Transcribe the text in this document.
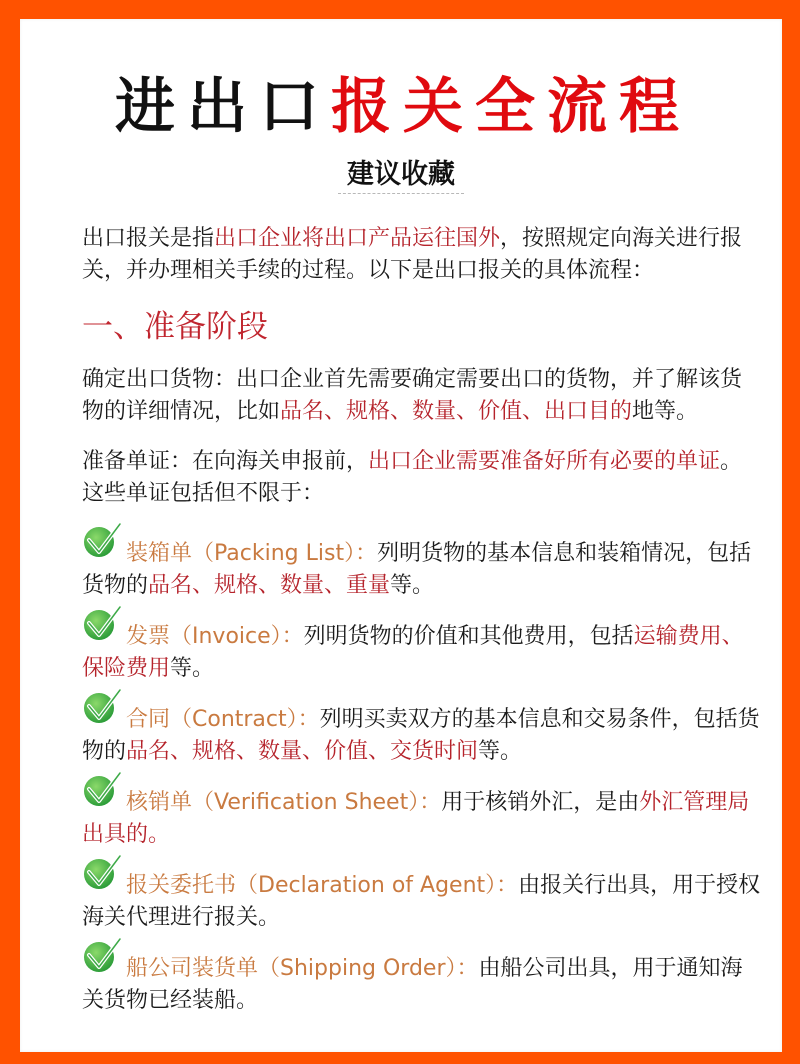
进出口报关全流程
建议收藏
出口报关是指出口企业将出口产品运往国外，按照规定向海关进行报关，并办理相关手续的过程。以下是出口报关的具体流程：
一、准备阶段
确定出口货物：出口企业首先需要确定需要出口的货物，并了解该货物的详细情况，比如品名、规格、数量、价值、出口目的地等。
准备单证：在向海关申报前，出口企业需要准备好所有必要的单证。这些单证包括但不限于：
装箱单（Packing List）：列明货物的基本信息和装箱情况，包括货物的品名、规格、数量、重量等。
发票（Invoice）：列明货物的价值和其他费用，包括运输费用、保险费用等。
合同（Contract）：列明买卖双方的基本信息和交易条件，包括货物的品名、规格、数量、价值、交货时间等。
核销单（Verification Sheet）：用于核销外汇，是由外汇管理局出具的。
报关委托书（Declaration of Agent）：由报关行出具，用于授权海关代理进行报关。
船公司装货单（Shipping Order）：由船公司出具，用于通知海关货物已经装船。
